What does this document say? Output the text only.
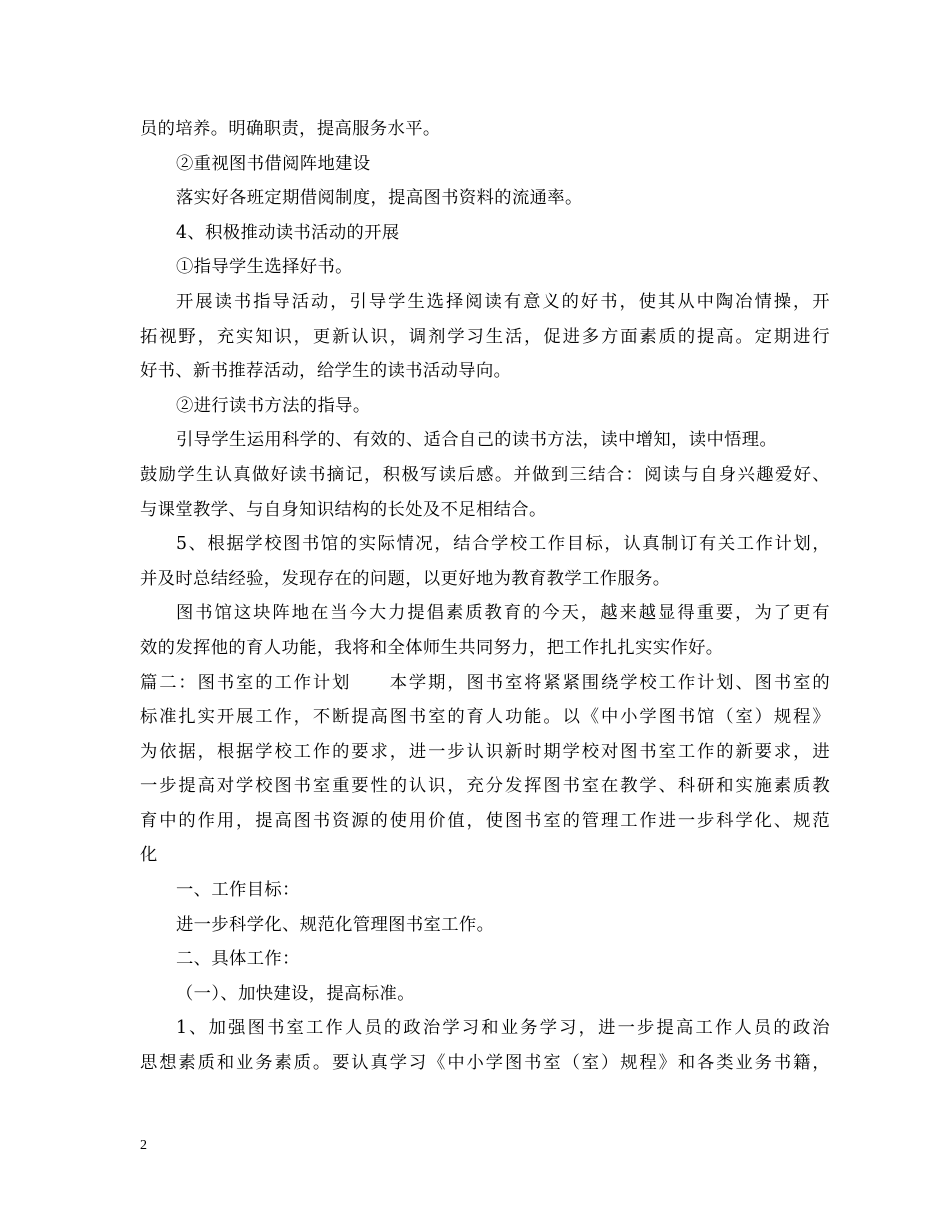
员的培养。明确职责，提高服务水平。
②重视图书借阅阵地建设
落实好各班定期借阅制度，提高图书资料的流通率。
4、积极推动读书活动的开展
①指导学生选择好书。
开展读书指导活动，引导学生选择阅读有意义的好书，使其从中陶冶情操，开
拓视野，充实知识，更新认识，调剂学习生活，促进多方面素质的提高。定期进行
好书、新书推荐活动，给学生的读书活动导向。
②进行读书方法的指导。
引导学生运用科学的、有效的、适合自己的读书方法，读中增知，读中悟理。
鼓励学生认真做好读书摘记，积极写读后感。并做到三结合：阅读与自身兴趣爱好、
与课堂教学、与自身知识结构的长处及不足相结合。
5、根据学校图书馆的实际情况，结合学校工作目标，认真制订有关工作计划，
并及时总结经验，发现存在的问题，以更好地为教育教学工作服务。
图书馆这块阵地在当今大力提倡素质教育的今天，越来越显得重要，为了更有
效的发挥他的育人功能，我将和全体师生共同努力，把工作扎扎实实作好。
篇二：图书室的工作计划　　本学期，图书室将紧紧围绕学校工作计划、图书室的
标准扎实开展工作，不断提高图书室的育人功能。以《中小学图书馆（室）规程》
为依据，根据学校工作的要求，进一步认识新时期学校对图书室工作的新要求，进
一步提高对学校图书室重要性的认识，充分发挥图书室在教学、科研和实施素质教
育中的作用，提高图书资源的使用价值，使图书室的管理工作进一步科学化、规范
化
一、工作目标：
进一步科学化、规范化管理图书室工作。
二、具体工作：
（一）、加快建设，提高标准。
1、加强图书室工作人员的政治学习和业务学习，进一步提高工作人员的政治
思想素质和业务素质。要认真学习《中小学图书室（室）规程》和各类业务书籍，
2
